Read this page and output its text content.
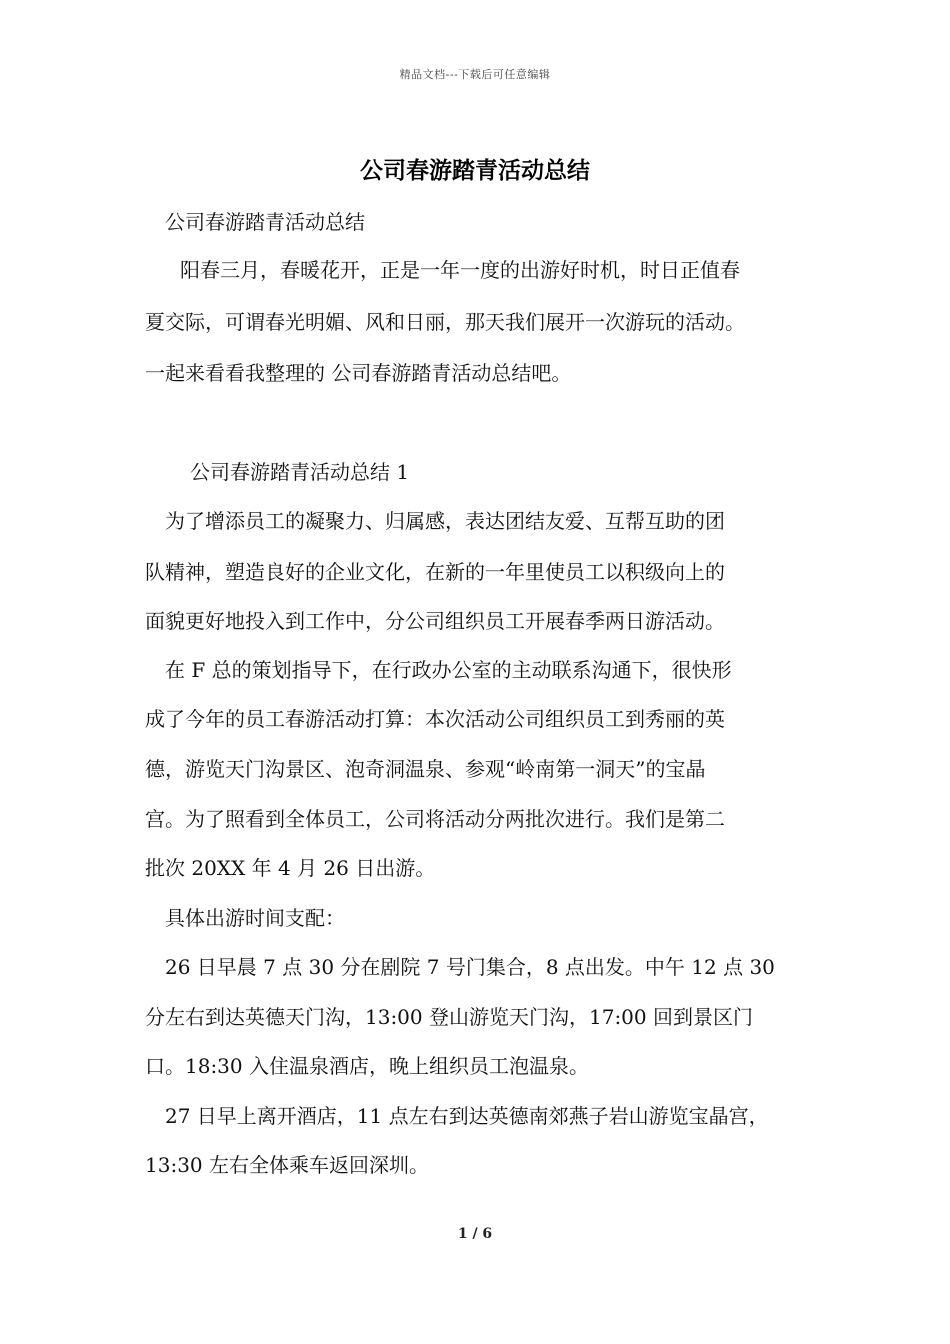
精品文档---下载后可任意编辑
公司春游踏青活动总结
公司春游踏青活动总结
阳春三月，春暖花开，正是一年一度的出游好时机，时日正值春
夏交际，可谓春光明媚、风和日丽，那天我们展开一次游玩的活动。
一起来看看我整理的 公司春游踏青活动总结吧。
公司春游踏青活动总结 1
为了增添员工的凝聚力、归属感，表达团结友爱、互帮互助的团
队精神，塑造良好的企业文化，在新的一年里使员工以积级向上的
面貌更好地投入到工作中，分公司组织员工开展春季两日游活动。
在 F 总的策划指导下，在行政办公室的主动联系沟通下，很快形
成了今年的员工春游活动打算：本次活动公司组织员工到秀丽的英
德，游览天门沟景区、泡奇洞温泉、参观“岭南第一洞天”的宝晶
宫。为了照看到全体员工，公司将活动分两批次进行。我们是第二
批次 20XX 年 4 月 26 日出游。
具体出游时间支配：
26 日早晨 7 点 30 分在剧院 7 号门集合，8 点出发。中午 12 点 30
分左右到达英德天门沟，13:00 登山游览天门沟，17:00 回到景区门
口。18:30 入住温泉酒店，晚上组织员工泡温泉。
27 日早上离开酒店，11 点左右到达英德南郊燕子岩山游览宝晶宫，
13:30 左右全体乘车返回深圳。
1 / 6
